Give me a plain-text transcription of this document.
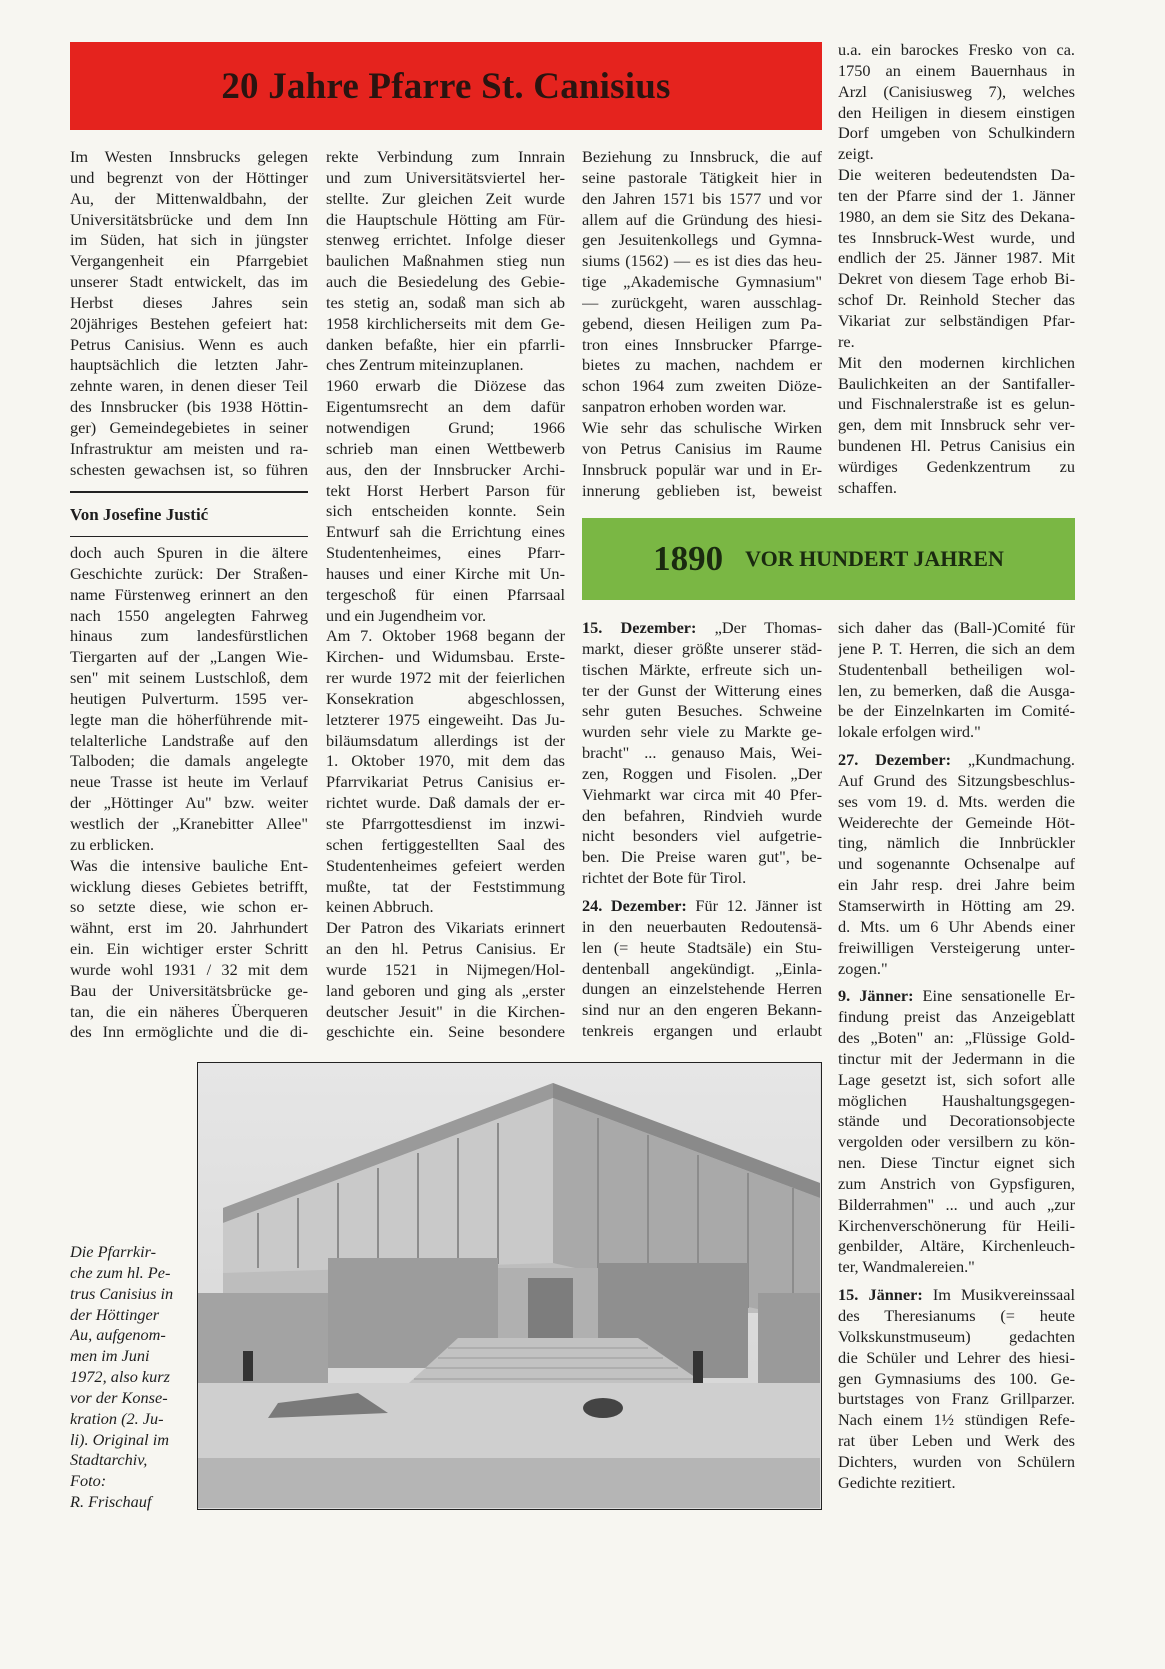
20 Jahre Pfarre St. Canisius
Im Westen Innsbrucks gelegen
und begrenzt von der Höttinger
Au, der Mittenwaldbahn, der
Universitätsbrücke und dem Inn
im Süden, hat sich in jüngster
Vergangenheit ein Pfarrgebiet
unserer Stadt entwickelt, das im
Herbst dieses Jahres sein
20jähriges Bestehen gefeiert hat:
Petrus Canisius. Wenn es auch
hauptsächlich die letzten Jahr-
zehnte waren, in denen dieser Teil
des Innsbrucker (bis 1938 Höttin-
ger) Gemeindegebietes in seiner
Infrastruktur am meisten und ra-
schesten gewachsen ist, so führen
Von Josefine Justić
doch auch Spuren in die ältere
Geschichte zurück: Der Straßen-
name Fürstenweg erinnert an den
nach 1550 angelegten Fahrweg
hinaus zum landesfürstlichen
Tiergarten auf der „Langen Wie-
sen" mit seinem Lustschloß, dem
heutigen Pulverturm. 1595 ver-
legte man die höherführende mit-
telalterliche Landstraße auf den
Talboden; die damals angelegte
neue Trasse ist heute im Verlauf
der „Höttinger Au" bzw. weiter
westlich der „Kranebitter Allee"
zu erblicken.
Was die intensive bauliche Ent-
wicklung dieses Gebietes betrifft,
so setzte diese, wie schon er-
wähnt, erst im 20. Jahrhundert
ein. Ein wichtiger erster Schritt
wurde wohl 1931 / 32 mit dem
Bau der Universitätsbrücke ge-
tan, die ein näheres Überqueren
des Inn ermöglichte und die di-
rekte Verbindung zum Innrain
und zum Universitätsviertel her-
stellte. Zur gleichen Zeit wurde
die Hauptschule Hötting am Für-
stenweg errichtet. Infolge dieser
baulichen Maßnahmen stieg nun
auch die Besiedelung des Gebie-
tes stetig an, sodaß man sich ab
1958 kirchlicherseits mit dem Ge-
danken befaßte, hier ein pfarrli-
ches Zentrum miteinzuplanen.
1960 erwarb die Diözese das
Eigentumsrecht an dem dafür
notwendigen Grund; 1966
schrieb man einen Wettbewerb
aus, den der Innsbrucker Archi-
tekt Horst Herbert Parson für
sich entscheiden konnte. Sein
Entwurf sah die Errichtung eines
Studentenheimes, eines Pfarr-
hauses und einer Kirche mit Un-
tergeschoß für einen Pfarrsaal
und ein Jugendheim vor.
Am 7. Oktober 1968 begann der
Kirchen- und Widumsbau. Erste-
rer wurde 1972 mit der feierlichen
Konsekration abgeschlossen,
letzterer 1975 eingeweiht. Das Ju-
biläumsdatum allerdings ist der
1. Oktober 1970, mit dem das
Pfarrvikariat Petrus Canisius er-
richtet wurde. Daß damals der er-
ste Pfarrgottesdienst im inzwi-
schen fertiggestellten Saal des
Studentenheimes gefeiert werden
mußte, tat der Feststimmung
keinen Abbruch.
Der Patron des Vikariats erinnert
an den hl. Petrus Canisius. Er
wurde 1521 in Nijmegen/Hol-
land geboren und ging als „erster
deutscher Jesuit" in die Kirchen-
geschichte ein. Seine besondere
Beziehung zu Innsbruck, die auf
seine pastorale Tätigkeit hier in
den Jahren 1571 bis 1577 und vor
allem auf die Gründung des hiesi-
gen Jesuitenkollegs und Gymna-
siums (1562) — es ist dies das heu-
tige „Akademische Gymnasium"
— zurückgeht, waren ausschlag-
gebend, diesen Heiligen zum Pa-
tron eines Innsbrucker Pfarrge-
bietes zu machen, nachdem er
schon 1964 zum zweiten Diöze-
sanpatron erhoben worden war.
Wie sehr das schulische Wirken
von Petrus Canisius im Raume
Innsbruck populär war und in Er-
innerung geblieben ist, beweist
u.a. ein barockes Fresko von ca.
1750 an einem Bauernhaus in
Arzl (Canisiusweg 7), welches
den Heiligen in diesem einstigen
Dorf umgeben von Schulkindern
zeigt.
Die weiteren bedeutendsten Da-
ten der Pfarre sind der 1. Jänner
1980, an dem sie Sitz des Dekana-
tes Innsbruck-West wurde, und
endlich der 25. Jänner 1987. Mit
Dekret von diesem Tage erhob Bi-
schof Dr. Reinhold Stecher das
Vikariat zur selbständigen Pfar-
re.
Mit den modernen kirchlichen
Baulichkeiten an der Santifaller-
und Fischnalerstraße ist es gelun-
gen, dem mit Innsbruck sehr ver-
bundenen Hl. Petrus Canisius ein
würdiges Gedenkzentrum zu
schaffen.
1890 VOR HUNDERT JAHREN
15. Dezember: „Der Thomas-
markt, dieser größte unserer städ-
tischen Märkte, erfreute sich un-
ter der Gunst der Witterung eines
sehr guten Besuches. Schweine
wurden sehr viele zu Markte ge-
bracht" ... genauso Mais, Wei-
zen, Roggen und Fisolen. „Der
Viehmarkt war circa mit 40 Pfer-
den befahren, Rindvieh wurde
nicht besonders viel aufgetrie-
ben. Die Preise waren gut", be-
richtet der Bote für Tirol.
24. Dezember: Für 12. Jänner ist
in den neuerbauten Redoutensä-
len (= heute Stadtsäle) ein Stu-
dentenball angekündigt. „Einla-
dungen an einzelstehende Herren
sind nur an den engeren Bekann-
tenkreis ergangen und erlaubt
sich daher das (Ball-)Comité für
jene P. T. Herren, die sich an dem
Studentenball betheiligen wol-
len, zu bemerken, daß die Ausga-
be der Einzelnkarten im Comité-
lokale erfolgen wird."
27. Dezember: „Kundmachung.
Auf Grund des Sitzungsbeschlus-
ses vom 19. d. Mts. werden die
Weiderechte der Gemeinde Höt-
ting, nämlich die Innbrückler
und sogenannte Ochsenalpe auf
ein Jahr resp. drei Jahre beim
Stamserwirth in Hötting am 29.
d. Mts. um 6 Uhr Abends einer
freiwilligen Versteigerung unter-
zogen."
9. Jänner: Eine sensationelle Er-
findung preist das Anzeigeblatt
des „Boten" an: „Flüssige Gold-
tinctur mit der Jedermann in die
Lage gesetzt ist, sich sofort alle
möglichen Haushaltungsgegen-
stände und Decorationsobjecte
vergolden oder versilbern zu kön-
nen. Diese Tinctur eignet sich
zum Anstrich von Gypsfiguren,
Bilderrahmen" ... und auch „zur
Kirchenverschönerung für Heili-
genbilder, Altäre, Kirchenleuch-
ter, Wandmalereien."
15. Jänner: Im Musikvereinssaal
des Theresianums (= heute
Volkskunstmuseum) gedachten
die Schüler und Lehrer des hiesi-
gen Gymnasiums des 100. Ge-
burtstages von Franz Grillparzer.
Nach einem 1½ stündigen Refe-
rat über Leben und Werk des
Dichters, wurden von Schülern
Gedichte rezitiert.
Die Pfarrkir-
che zum hl. Pe-
trus Canisius in
der Höttinger
Au, aufgenom-
men im Juni
1972, also kurz
vor der Konse-
kration (2. Ju-
li). Original im
Stadtarchiv,
Foto:
R. Frischauf
